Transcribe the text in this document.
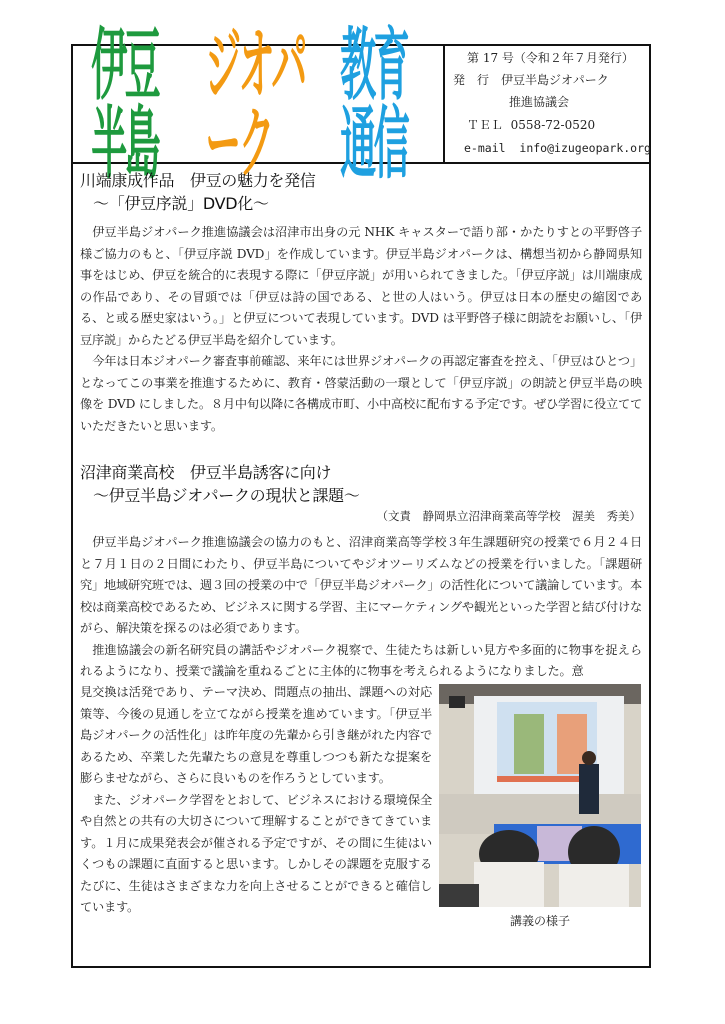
伊豆半島
ジオパーク
教育通信
第 17 号（令和２年７月発行）
発　行　 伊豆半島ジオパーク
推進協議会
ＴＥＬ 0558-72-0520
e-mail info@izugeopark.org
川端康成作品　伊豆の魅力を発信
～「伊豆序説」DVD化～

伊豆半島ジオパーク推進協議会は沼津市出身の元 NHK キャスターで語り部・かたりすとの平野啓子様ご協力のもと、「伊豆序説 DVD」を作成しています。伊豆半島ジオパークは、構想当初から静岡県知事をはじめ、伊豆を統合的に表現する際に「伊豆序説」が用いられてきました。「伊豆序説」は川端康成の作品であり、その冒頭では「伊豆は詩の国である、と世の人はいう。伊豆は日本の歴史の縮図である、と或る歴史家はいう。」と伊豆について表現しています。DVD は平野啓子様に朗読をお願いし、「伊豆序説」からたどる伊豆半島を紹介しています。

今年は日本ジオパーク審査事前確認、来年には世界ジオパークの再認定審査を控え、「伊豆はひとつ」となってこの事業を推進するために、教育・啓蒙活動の一環として「伊豆序説」の朗読と伊豆半島の映像を DVD にしました。８月中旬以降に各構成市町、小中高校に配布する予定です。ぜひ学習に役立てていただきたいと思います。

沼津商業高校　伊豆半島誘客に向け
～伊豆半島ジオパークの現状と課題～
（文責　静岡県立沼津商業高等学校　渥美　秀美）

伊豆半島ジオパーク推進協議会の協力のもと、沼津商業高等学校３年生課題研究の授業で６月２４日と７月１日の２日間にわたり、伊豆半島についてやジオツーリズムなどの授業を行いました。「課題研究」地域研究班では、週３回の授業の中で「伊豆半島ジオパーク」の活性化について議論しています。本校は商業高校であるため、ビジネスに関する学習、主にマーケティングや観光といった学習と結び付けながら、解決策を探るのは必須であります。

推進協議会の新名研究員の講話やジオパーク視察で、生徒たちは新しい見方や多面的に物事を捉えられるようになり、授業で議論を重ねるごとに主体的に物事を考えられるようになりました。意

見交換は活発であり、テーマ決め、問題点の抽出、課題への対応策等、今後の見通しを立てながら授業を進めています。「伊豆半島ジオパークの活性化」は昨年度の先輩から引き継がれた内容であるため、卒業した先輩たちの意見を尊重しつつも新たな提案を膨らませながら、さらに良いものを作ろうとしています。

また、ジオパーク学習をとおして、ビジネスにおける環境保全や自然との共有の大切さについて理解することができてきています。１月に成果発表会が催される予定ですが、その間に生徒はいくつもの課題に直面すると思います。しかしその課題を克服するたびに、生徒はさまざまな力を向上させることができると確信しています。

講義の様子
